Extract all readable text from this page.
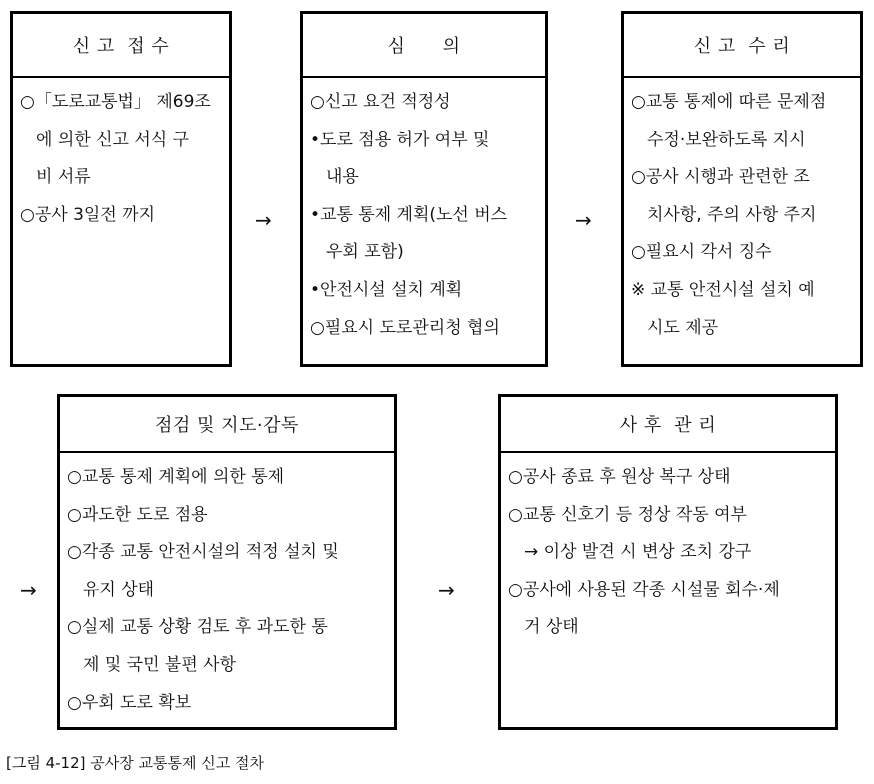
신 고  접 수
○「도로교통법」 제69조
에 의한 신고 서식 구
비 서류
○공사 3일전 까지
심      의
○신고 요건 적정성
•도로 점용 허가 여부 및
내용
•교통 통제 계획(노선 버스
우회 포함)
•안전시설 설치 계획
○필요시 도로관리청 협의
신 고  수 리
○교통 통제에 따른 문제점
수정·보완하도록 지시
○공사 시행과 관련한 조
치사항, 주의 사항 주지
○필요시 각서 징수
※ 교통 안전시설 설치 예
시도 제공
점검 및 지도·감독
○교통 통제 계획에 의한 통제
○과도한 도로 점용
○각종 교통 안전시설의 적정 설치 및
유지 상태
○실제 교통 상황 검토 후 과도한 통
제 및 국민 불편 사항
○우회 도로 확보
사 후  관 리
○공사 종료 후 원상 복구 상태
○교통 신호기 등 정상 작동 여부
→ 이상 발견 시 변상 조치 강구
○공사에 사용된 각종 시설물 회수·제
거 상태
→	→
→	→
[그림 4-12] 공사장 교통통제 신고 절차
